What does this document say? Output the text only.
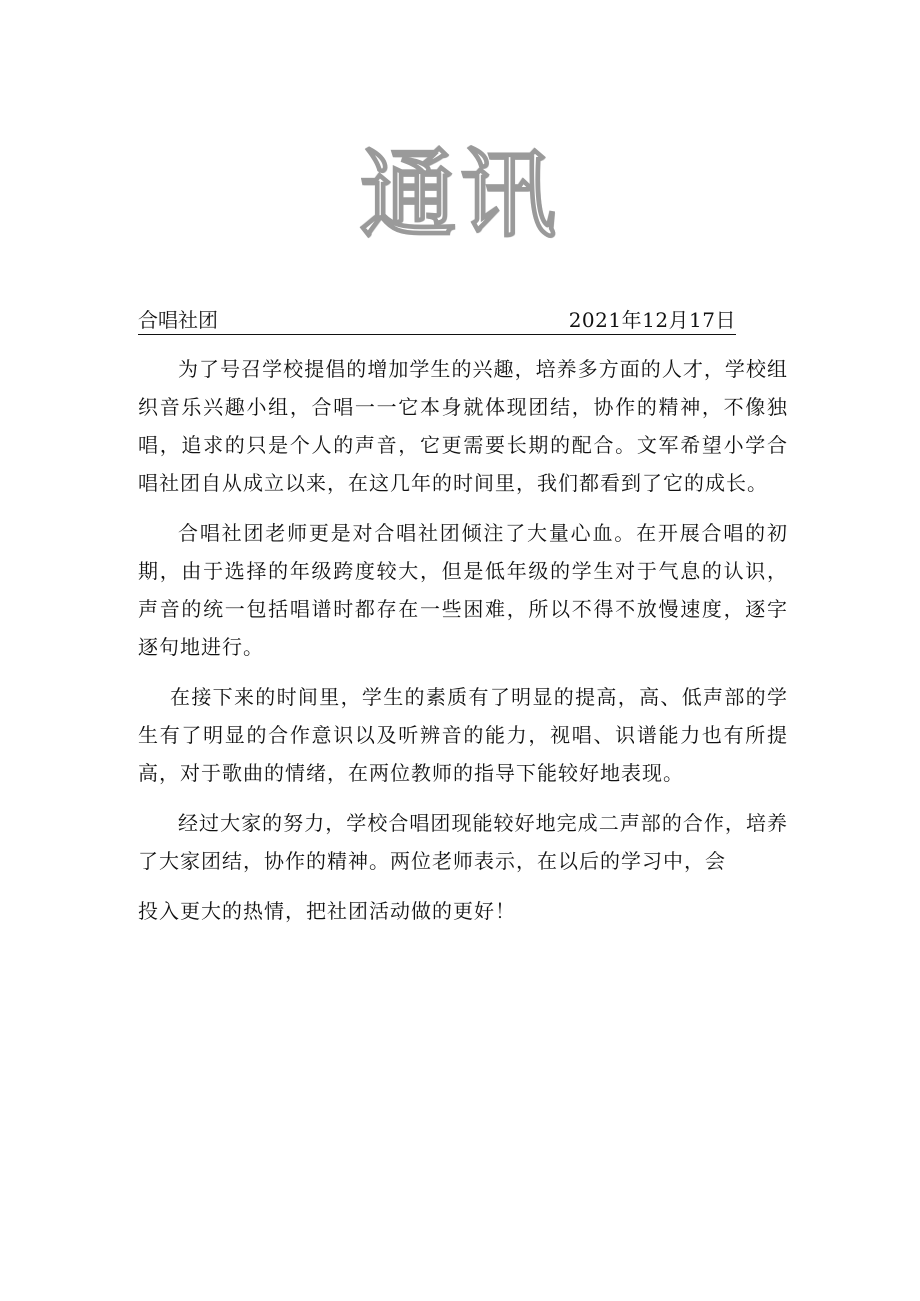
通讯
合唱社团	2021年12月17日

为了号召学校提倡的增加学生的兴趣，培养多方面的人才，学校组织音乐兴趣小组，合唱一一它本身就体现团结，协作的精神，不像独唱，追求的只是个人的声音，它更需要长期的配合。文军希望小学合唱社团自从成立以来，在这几年的时间里，我们都看到了它的成长。

合唱社团老师更是对合唱社团倾注了大量心血。在开展合唱的初期，由于选择的年级跨度较大，但是低年级的学生对于气息的认识，声音的统一包括唱谱时都存在一些困难，所以不得不放慢速度，逐字逐句地进行。

在接下来的时间里，学生的素质有了明显的提高，高、低声部的学生有了明显的合作意识以及听辨音的能力，视唱、识谱能力也有所提高，对于歌曲的情绪，在两位教师的指导下能较好地表现。

经过大家的努力，学校合唱团现能较好地完成二声部的合作，培养了大家团结，协作的精神。两位老师表示，在以后的学习中，会

投入更大的热情，把社团活动做的更好！
